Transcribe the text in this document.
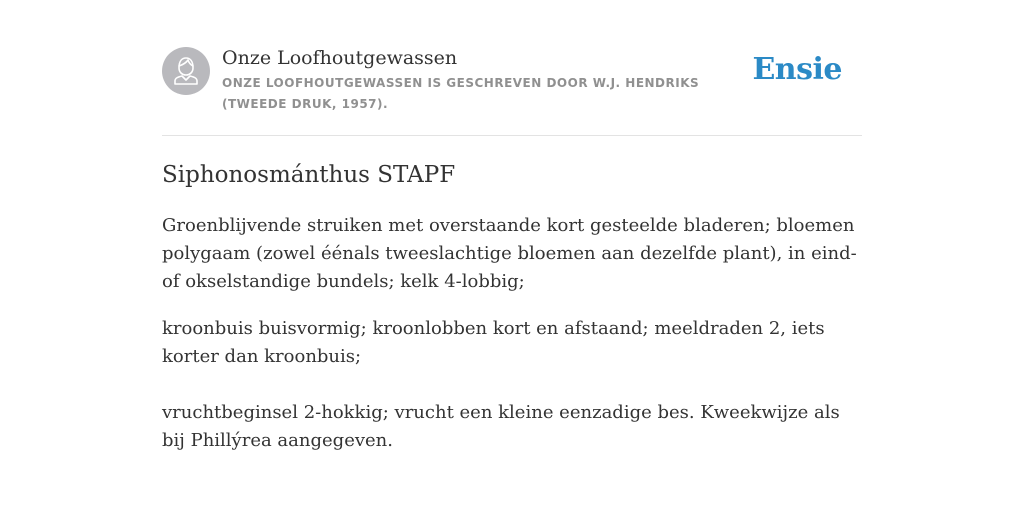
Onze Loofhoutgewassen
ONZE LOOFHOUTGEWASSEN IS GESCHREVEN DOOR W.J. HENDRIKS (TWEEDE DRUK, 1957).
Ensie
Siphonosmánthus STAPF
Groenblijvende struiken met overstaande kort gesteelde bladeren; bloemen polygaam (zowel éénals tweeslachtige bloemen aan dezelfde plant), in eind- of okselstandige bundels; kelk 4-lobbig;
kroonbuis buisvormig; kroonlobben kort en afstaand; meeldraden 2, iets korter dan kroonbuis;
vruchtbeginsel 2-hokkig; vrucht een kleine eenzadige bes. Kweekwijze als bij Phillýrea aangegeven.
